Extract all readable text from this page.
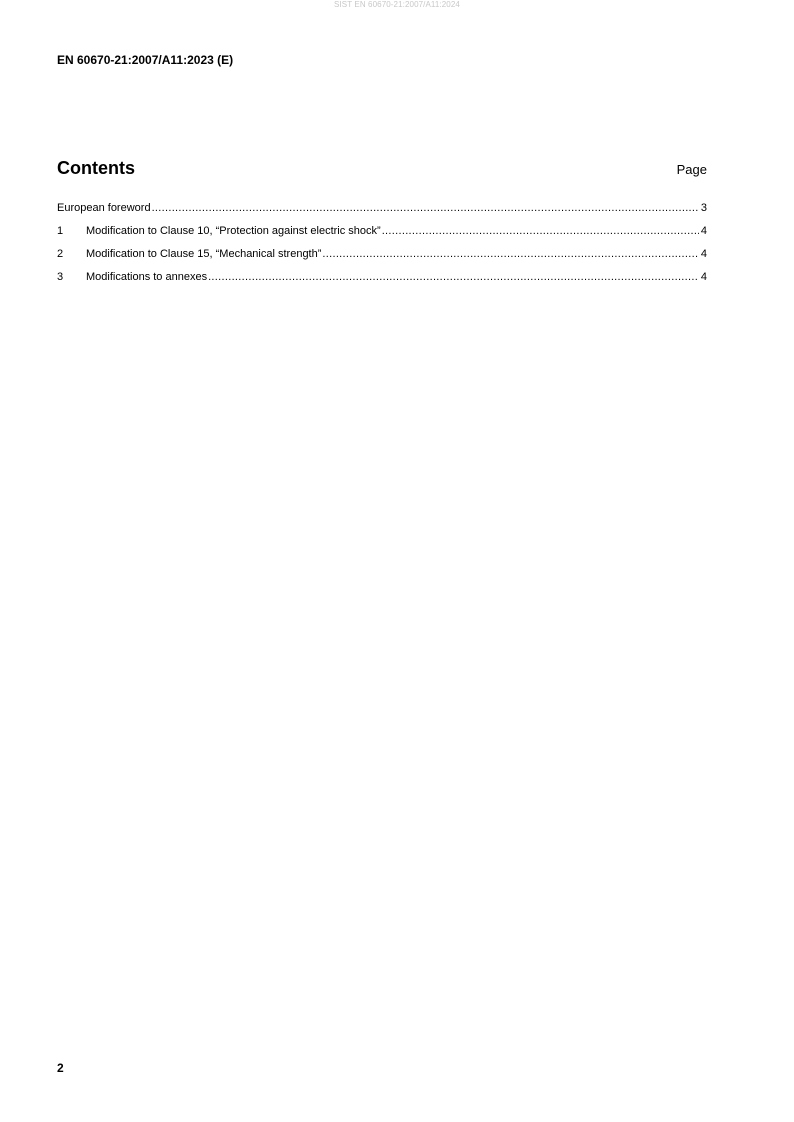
SIST EN 60670-21:2007/A11:2024
EN 60670-21:2007/A11:2023 (E)
Contents	Page
European foreword .....	3
1	Modification to Clause 10, “Protection against electric shock” .....	4
2	Modification to Clause 15, “Mechanical strength” .....	4
3	Modifications to annexes .....	4
2
